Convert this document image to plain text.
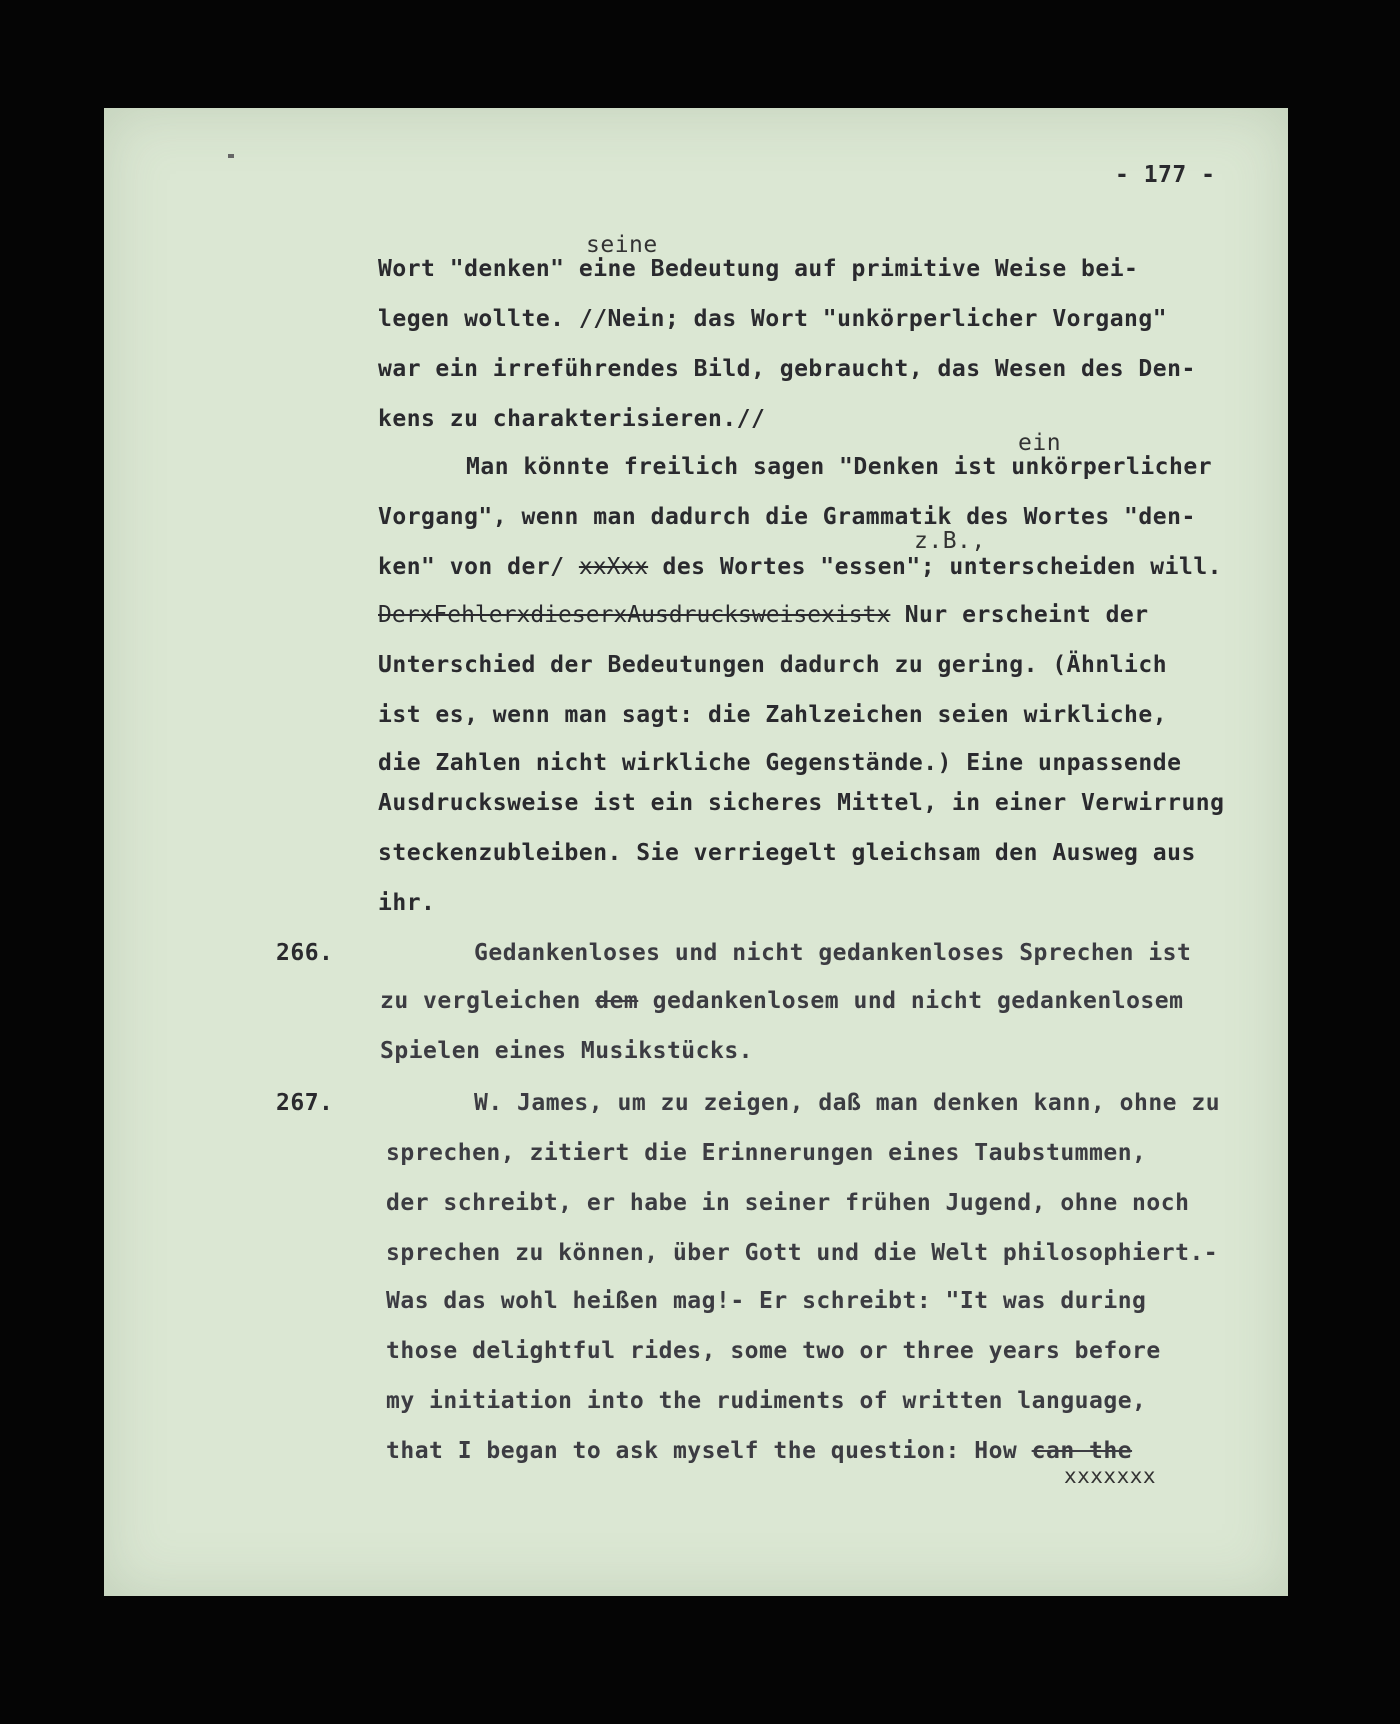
- 177 -
seine
Wort "denken" eine Bedeutung auf primitive Weise bei-
legen wollte. //Nein; das Wort "unkörperlicher Vorgang"
war ein irreführendes Bild, gebraucht, das Wesen des Den-
kens zu charakterisieren.//
ein
Man könnte freilich sagen "Denken ist unkörperlicher
Vorgang", wenn man dadurch die Grammatik des Wortes "den-
z.B.,
ken" von der/ xxXxx des Wortes "essen"; unterscheiden will.
DerxFehlerxdieserxAusdrucksweisexistx Nur erscheint der
Unterschied der Bedeutungen dadurch zu gering. (Ähnlich
ist es, wenn man sagt: die Zahlzeichen seien wirkliche,
die Zahlen nicht wirkliche Gegenstände.) Eine unpassende
Ausdrucksweise ist ein sicheres Mittel, in einer Verwirrung
steckenzubleiben. Sie verriegelt gleichsam den Ausweg aus
ihr.
266.	Gedankenloses und nicht gedankenloses Sprechen ist
zu vergleichen dem gedankenlosem und nicht gedankenlosem
Spielen eines Musikstücks.
267.	W. James, um zu zeigen, daß man denken kann, ohne zu
sprechen, zitiert die Erinnerungen eines Taubstummen,
der schreibt, er habe in seiner frühen Jugend, ohne noch
sprechen zu können, über Gott und die Welt philosophiert.-
Was das wohl heißen mag!- Er schreibt: "It was during
those delightful rides, some two or three years before
my initiation into the rudiments of written language,
that I began to ask myself the question: How can the
xxxxxxx
